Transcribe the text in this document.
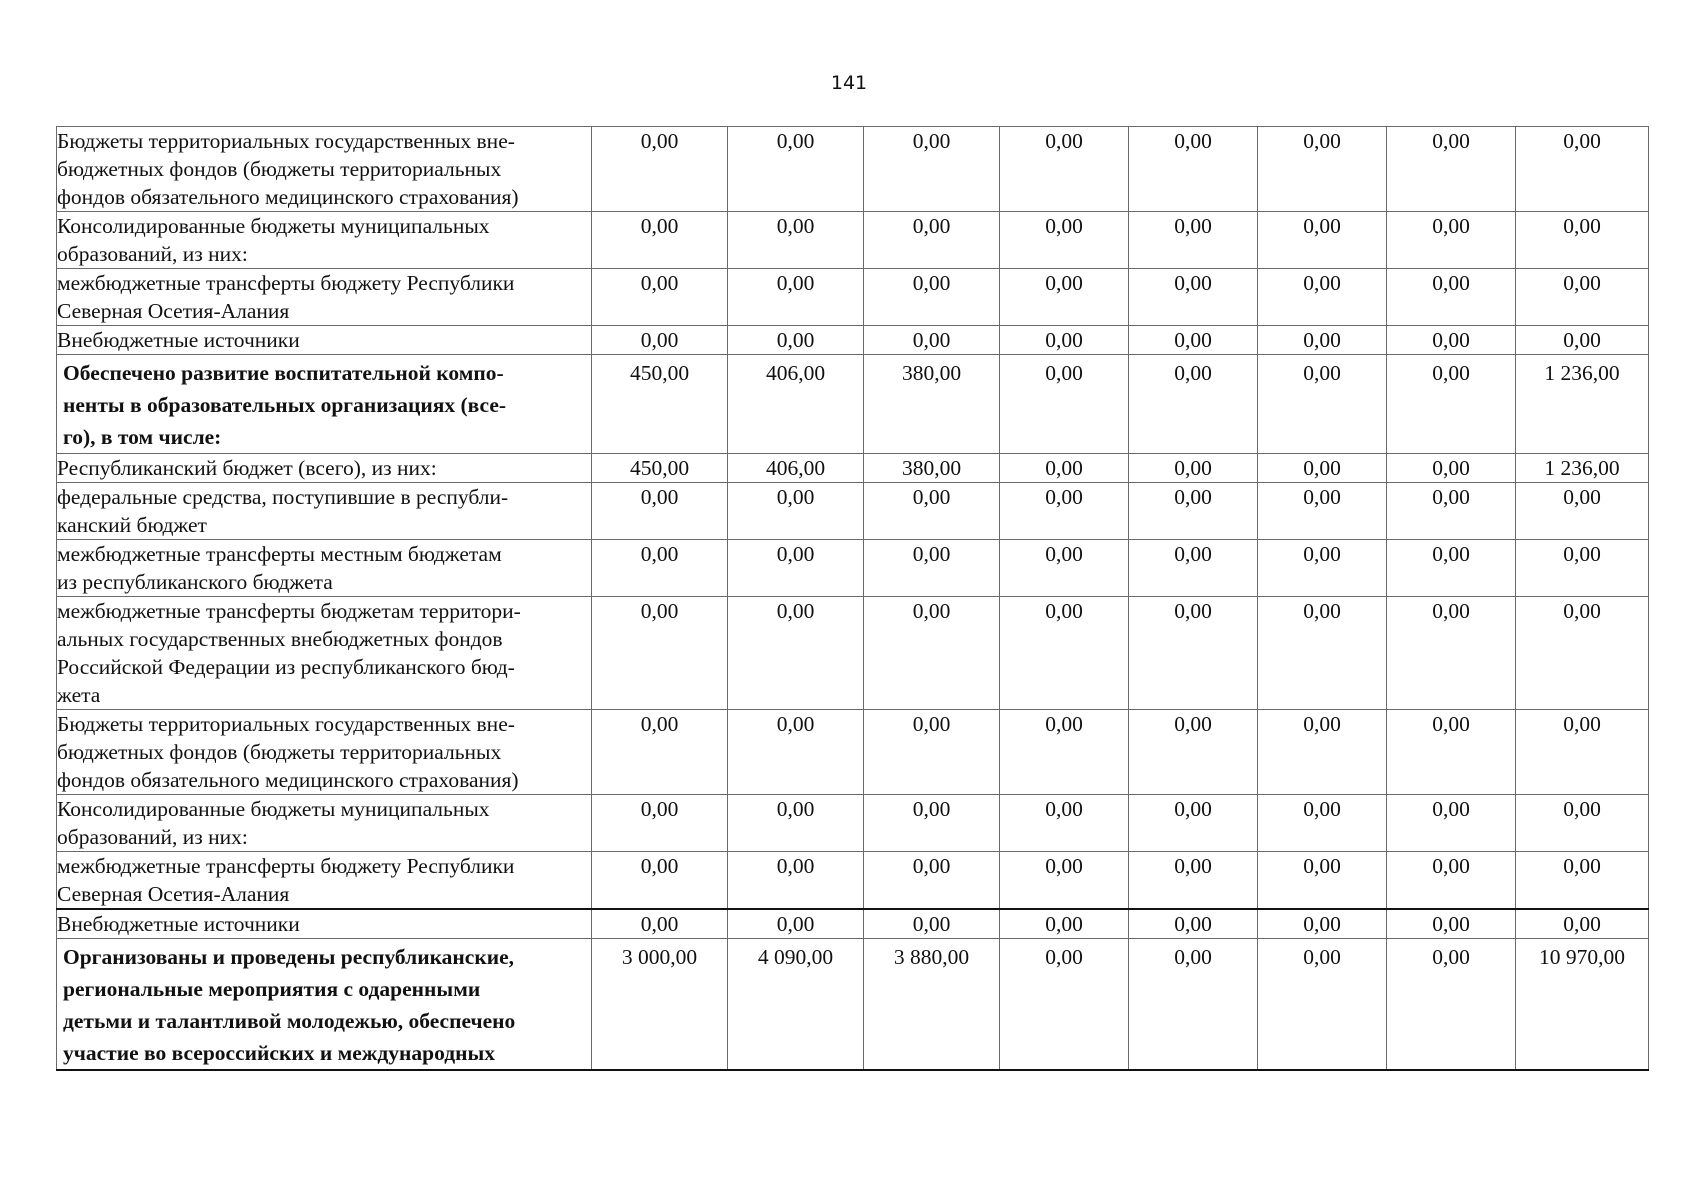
141
Бюджеты территориальных государственных вне-
бюджетных фондов (бюджеты территориальных
фондов обязательного медицинского страхования)	0,00	0,00	0,00	0,00	0,00	0,00	0,00	0,00

Консолидированные бюджеты муниципальных
образований, из них:	0,00	0,00	0,00	0,00	0,00	0,00	0,00	0,00

межбюджетные трансферты бюджету Республики
Северная Осетия-Алания	0,00	0,00	0,00	0,00	0,00	0,00	0,00	0,00

Внебюджетные источники	0,00	0,00	0,00	0,00	0,00	0,00	0,00	0,00

Обеспечено развитие воспитательной компо-
ненты в образовательных организациях (все-
го), в том числе:	450,00	406,00	380,00	0,00	0,00	0,00	0,00	1 236,00

Республиканский бюджет (всего), из них:	450,00	406,00	380,00	0,00	0,00	0,00	0,00	1 236,00

федеральные средства, поступившие в республи-
канский бюджет	0,00	0,00	0,00	0,00	0,00	0,00	0,00	0,00

межбюджетные трансферты местным бюджетам
из республиканского бюджета	0,00	0,00	0,00	0,00	0,00	0,00	0,00	0,00

межбюджетные трансферты бюджетам территори-
альных государственных внебюджетных фондов
Российской Федерации из республиканского бюд-
жета	0,00	0,00	0,00	0,00	0,00	0,00	0,00	0,00

Бюджеты территориальных государственных вне-
бюджетных фондов (бюджеты территориальных
фондов обязательного медицинского страхования)	0,00	0,00	0,00	0,00	0,00	0,00	0,00	0,00

Консолидированные бюджеты муниципальных
образований, из них:	0,00	0,00	0,00	0,00	0,00	0,00	0,00	0,00

межбюджетные трансферты бюджету Республики
Северная Осетия-Алания	0,00	0,00	0,00	0,00	0,00	0,00	0,00	0,00

Внебюджетные источники	0,00	0,00	0,00	0,00	0,00	0,00	0,00	0,00

Организованы и проведены республиканские,
региональные мероприятия с одаренными
детьми и талантливой молодежью, обеспечено
участие во всероссийских и международных	3 000,00	4 090,00	3 880,00	0,00	0,00	0,00	0,00	10 970,00
